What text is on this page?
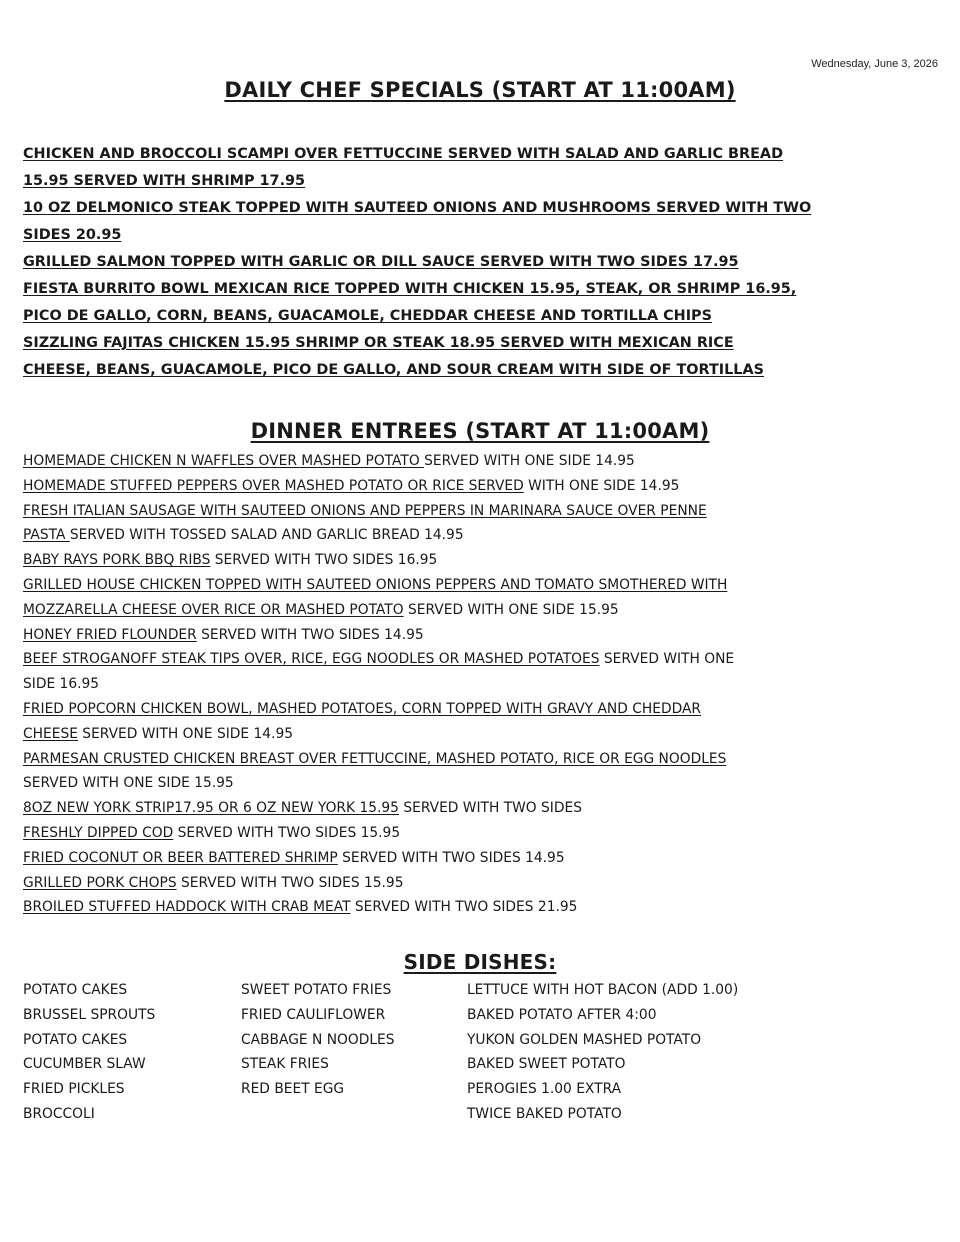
Wednesday, June 3, 2026
DAILY CHEF SPECIALS (START AT 11:00AM)
CHICKEN AND BROCCOLI SCAMPI OVER FETTUCCINE SERVED WITH SALAD AND GARLIC BREAD
15.95 SERVED WITH SHRIMP 17.95
10 OZ DELMONICO STEAK TOPPED WITH SAUTEED ONIONS AND MUSHROOMS SERVED WITH TWO
SIDES 20.95
GRILLED SALMON TOPPED WITH GARLIC OR DILL SAUCE SERVED WITH TWO SIDES 17.95
FIESTA BURRITO BOWL MEXICAN RICE TOPPED WITH CHICKEN 15.95, STEAK, OR SHRIMP 16.95,
PICO DE GALLO, CORN, BEANS, GUACAMOLE, CHEDDAR CHEESE AND TORTILLA CHIPS
SIZZLING FAJITAS CHICKEN 15.95 SHRIMP OR STEAK 18.95 SERVED WITH MEXICAN RICE
CHEESE, BEANS, GUACAMOLE, PICO DE GALLO, AND SOUR CREAM WITH SIDE OF TORTILLAS
DINNER ENTREES (START AT 11:00AM)
HOMEMADE CHICKEN N WAFFLES OVER MASHED POTATO SERVED WITH ONE SIDE 14.95
HOMEMADE STUFFED PEPPERS OVER MASHED POTATO OR RICE SERVED WITH ONE SIDE 14.95
FRESH ITALIAN SAUSAGE WITH SAUTEED ONIONS AND PEPPERS IN MARINARA SAUCE OVER PENNE
PASTA SERVED WITH TOSSED SALAD AND GARLIC BREAD 14.95
BABY RAYS PORK BBQ RIBS SERVED WITH TWO SIDES 16.95
GRILLED HOUSE CHICKEN TOPPED WITH SAUTEED ONIONS PEPPERS AND TOMATO SMOTHERED WITH
MOZZARELLA CHEESE OVER RICE OR MASHED POTATO SERVED WITH ONE SIDE 15.95
HONEY FRIED FLOUNDER SERVED WITH TWO SIDES 14.95
BEEF STROGANOFF STEAK TIPS OVER, RICE, EGG NOODLES OR MASHED POTATOES SERVED WITH ONE
SIDE 16.95
FRIED POPCORN CHICKEN BOWL, MASHED POTATOES, CORN TOPPED WITH GRAVY AND CHEDDAR
CHEESE SERVED WITH ONE SIDE 14.95
PARMESAN CRUSTED CHICKEN BREAST OVER FETTUCCINE, MASHED POTATO, RICE OR EGG NOODLES
SERVED WITH ONE SIDE 15.95
8OZ NEW YORK STRIP17.95 OR 6 OZ NEW YORK 15.95 SERVED WITH TWO SIDES
FRESHLY DIPPED COD SERVED WITH TWO SIDES 15.95
FRIED COCONUT OR BEER BATTERED SHRIMP SERVED WITH TWO SIDES 14.95
GRILLED PORK CHOPS SERVED WITH TWO SIDES 15.95
BROILED STUFFED HADDOCK WITH CRAB MEAT SERVED WITH TWO SIDES 21.95
SIDE DISHES:
POTATO CAKES
BRUSSEL SPROUTS
POTATO CAKES
CUCUMBER SLAW
FRIED PICKLES
BROCCOLI
SWEET POTATO FRIES
FRIED CAULIFLOWER
CABBAGE N NOODLES
STEAK FRIES
RED BEET EGG
LETTUCE WITH HOT BACON (ADD 1.00)
BAKED POTATO AFTER 4:00
YUKON GOLDEN MASHED POTATO
BAKED SWEET POTATO
PEROGIES 1.00 EXTRA
TWICE BAKED POTATO
